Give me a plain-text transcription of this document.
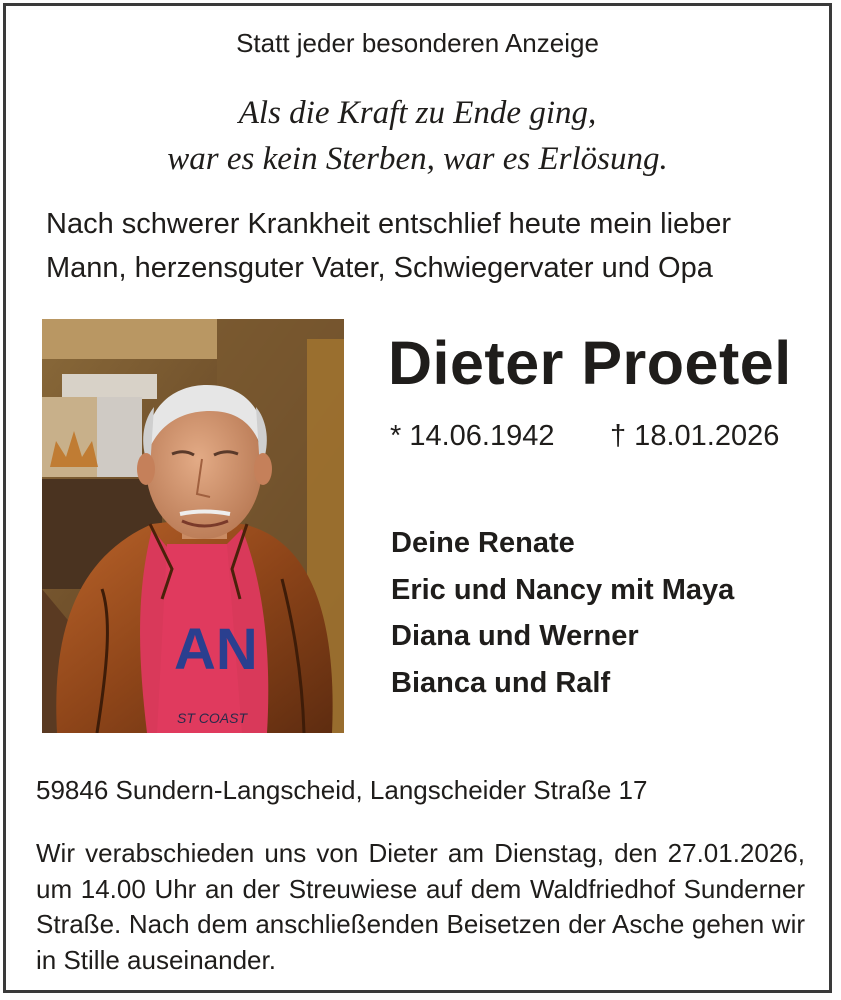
Statt jeder besonderen Anzeige
Als die Kraft zu Ende ging,
war es kein Sterben, war es Erlösung.
Nach schwerer Krankheit entschlief heute mein lieber
Mann, herzensguter Vater, Schwiegervater und Opa
AN
ST COAST
Dieter Proetel
* 14.06.1942 † 18.01.2026
Deine Renate
Eric und Nancy mit Maya
Diana und Werner
Bianca und Ralf
59846 Sundern-Langscheid, Langscheider Straße 17
Wir verabschieden uns von Dieter am Dienstag, den 27.01.2026, um 14.00 Uhr an der Streuwiese auf dem Waldfriedhof Sunderner Straße. Nach dem anschließenden Beisetzen der Asche gehen wir in Stille auseinander.
